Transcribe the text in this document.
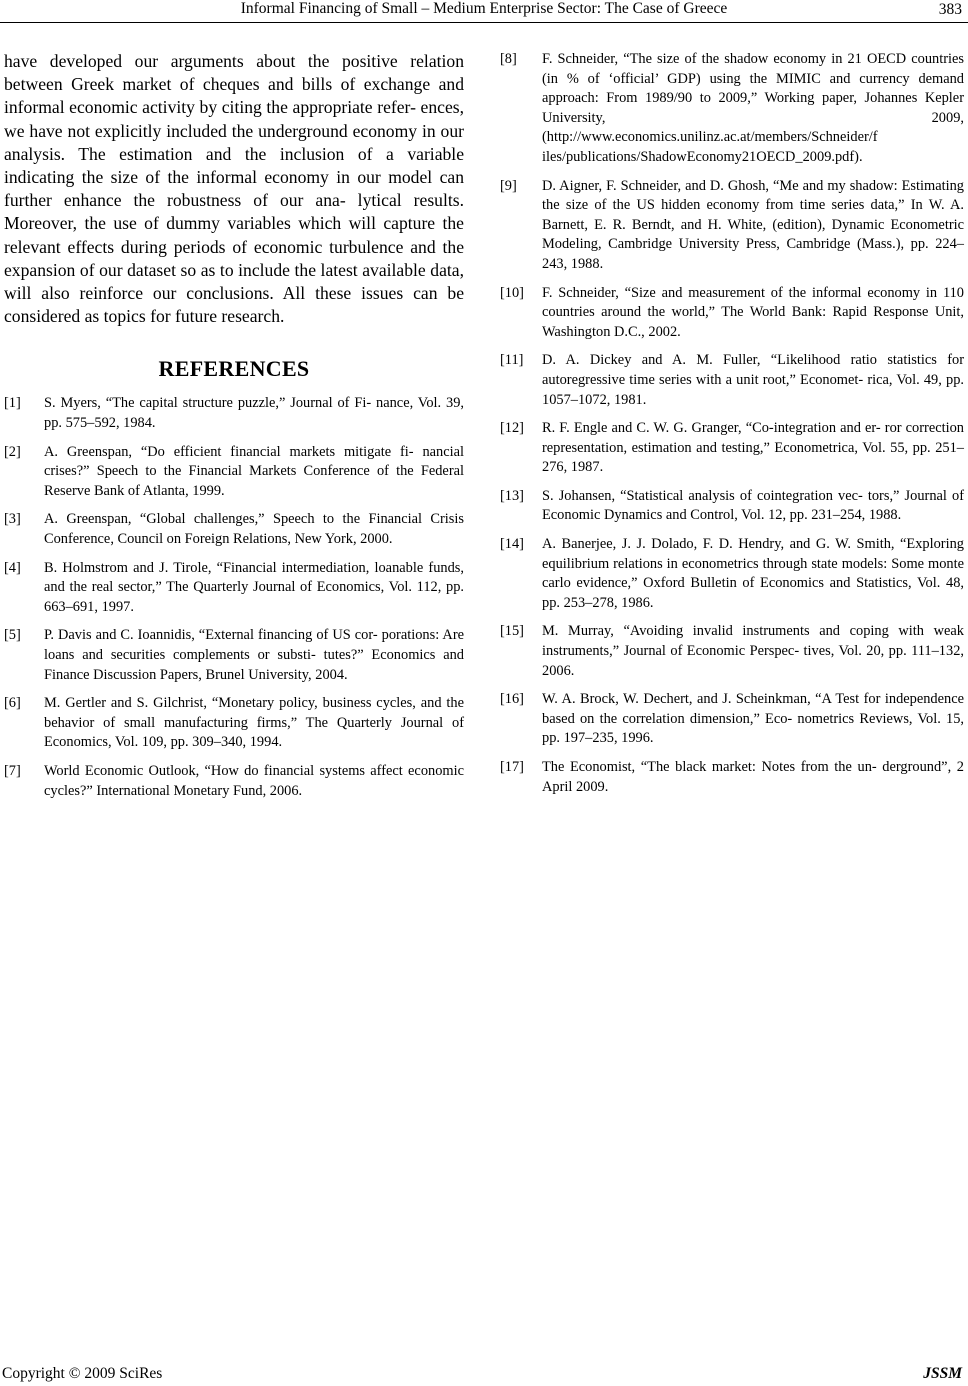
Informal Financing of Small – Medium Enterprise Sector: The Case of Greece	383

have developed our arguments about the positive relation between Greek market of cheques and bills of exchange and informal economic activity by citing the appropriate refer- ences, we have not explicitly included the underground economy in our analysis. The estimation and the inclusion of a variable indicating the size of the informal economy in our model can further enhance the robustness of our ana- lytical results. Moreover, the use of dummy variables which will capture the relevant effects during periods of economic turbulence and the expansion of our dataset so as to include the latest available data, will also reinforce our conclusions. All these issues can be considered as topics for future research.

REFERENCES
[1]	S. Myers, “The capital structure puzzle,” Journal of Fi- nance, Vol. 39, pp. 575–592, 1984.
[2]	A. Greenspan, “Do efficient financial markets mitigate fi- nancial crises?” Speech to the Financial Markets Conference of the Federal Reserve Bank of Atlanta, 1999.
[3]	A. Greenspan, “Global challenges,” Speech to the Financial Crisis Conference, Council on Foreign Relations, New York, 2000.
[4]	B. Holmstrom and J. Tirole, “Financial intermediation, loanable funds, and the real sector,” The Quarterly Journal of Economics, Vol. 112, pp. 663–691, 1997.
[5]	P. Davis and C. Ioannidis, “External financing of US cor- porations: Are loans and securities complements or substi- tutes?” Economics and Finance Discussion Papers, Brunel University, 2004.
[6]	M. Gertler and S. Gilchrist, “Monetary policy, business cycles, and the behavior of small manufacturing firms,” The Quarterly Journal of Economics, Vol. 109, pp. 309–340, 1994.
[7]	World Economic Outlook, “How do financial systems affect economic cycles?” International Monetary Fund, 2006.
[8]	F. Schneider, “The size of the shadow economy in 21 OECD countries (in % of ‘official’ GDP) using the MIMIC and currency demand approach: From 1989/90 to 2009,” Working paper, Johannes Kepler University, 2009, (http://www.economics.unilinz.ac.at/members/Schneider/f iles/publications/ShadowEconomy21OECD_2009.pdf).
[9]	D. Aigner, F. Schneider, and D. Ghosh, “Me and my shadow: Estimating the size of the US hidden economy from time series data,” In W. A. Barnett, E. R. Berndt, and H. White, (edition), Dynamic Econometric Modeling, Cambridge University Press, Cambridge (Mass.), pp. 224–243, 1988.
[10]	F. Schneider, “Size and measurement of the informal economy in 110 countries around the world,” The World Bank: Rapid Response Unit, Washington D.C., 2002.
[11]	D. A. Dickey and A. M. Fuller, “Likelihood ratio statistics for autoregressive time series with a unit root,” Economet- rica, Vol. 49, pp. 1057–1072, 1981.
[12]	R. F. Engle and C. W. G. Granger, “Co-integration and er- ror correction representation, estimation and testing,” Econometrica, Vol. 55, pp. 251–276, 1987.
[13]	S. Johansen, “Statistical analysis of cointegration vec- tors,” Journal of Economic Dynamics and Control, Vol. 12, pp. 231–254, 1988.
[14]	A. Banerjee, J. J. Dolado, F. D. Hendry, and G. W. Smith, “Exploring equilibrium relations in econometrics through state models: Some monte carlo evidence,” Oxford Bulletin of Economics and Statistics, Vol. 48, pp. 253–278, 1986.
[15]	M. Murray, “Avoiding invalid instruments and coping with weak instruments,” Journal of Economic Perspec- tives, Vol. 20, pp. 111–132, 2006.
[16]	W. A. Brock, W. Dechert, and J. Scheinkman, “A Test for independence based on the correlation dimension,” Eco- nometrics Reviews, Vol. 15, pp. 197–235, 1996.
[17]	The Economist, “The black market: Notes from the un- derground”, 2 April 2009.
Copyright © 2009 SciRes	JSSM
